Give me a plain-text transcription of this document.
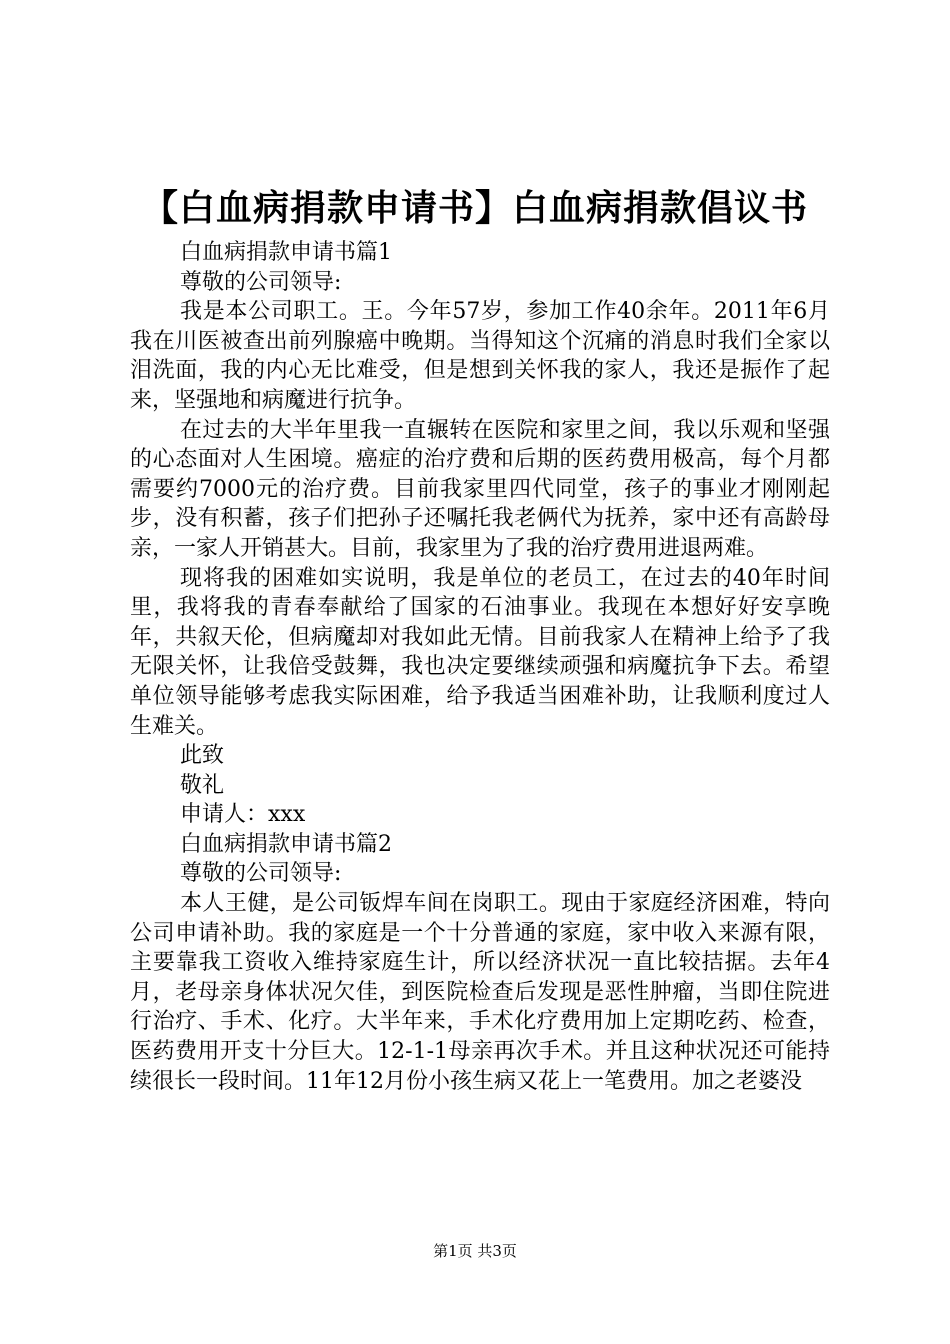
【白血病捐款申请书】白血病捐款倡议书

白血病捐款申请书篇1

尊敬的公司领导:

我是本公司职工。王。今年57岁，参加工作40余年。2011年6月我在川医被查出前列腺癌中晚期。当得知这个沉痛的消息时我们全家以泪洗面，我的内心无比难受，但是想到关怀我的家人，我还是振作了起来，坚强地和病魔进行抗争。

在过去的大半年里我一直辗转在医院和家里之间，我以乐观和坚强的心态面对人生困境。癌症的治疗费和后期的医药费用极高，每个月都需要约7000元的治疗费。目前我家里四代同堂，孩子的事业才刚刚起步，没有积蓄，孩子们把孙子还嘱托我老俩代为抚养，家中还有高龄母亲，一家人开销甚大。目前，我家里为了我的治疗费用进退两难。

现将我的困难如实说明，我是单位的老员工，在过去的40年时间里，我将我的青春奉献给了国家的石油事业。我现在本想好好安享晚年，共叙天伦，但病魔却对我如此无情。目前我家人在精神上给予了我无限关怀，让我倍受鼓舞，我也决定要继续顽强和病魔抗争下去。希望单位领导能够考虑我实际困难，给予我适当困难补助，让我顺利度过人生难关。

此致

敬礼

申请人：xxx

白血病捐款申请书篇2

尊敬的公司领导:

本人王健，是公司钣焊车间在岗职工。现由于家庭经济困难，特向公司申请补助。我的家庭是一个十分普通的家庭，家中收入来源有限，主要靠我工资收入维持家庭生计，所以经济状况一直比较拮据。去年4月，老母亲身体状况欠佳，到医院检查后发现是恶性肿瘤，当即住院进行治疗、手术、化疗。大半年来，手术化疗费用加上定期吃药、检查，医药费用开支十分巨大。12-1-1母亲再次手术。并且这种状况还可能持续很长一段时间。11年12月份小孩生病又花上一笔费用。加之老婆没

第1页 共3页
